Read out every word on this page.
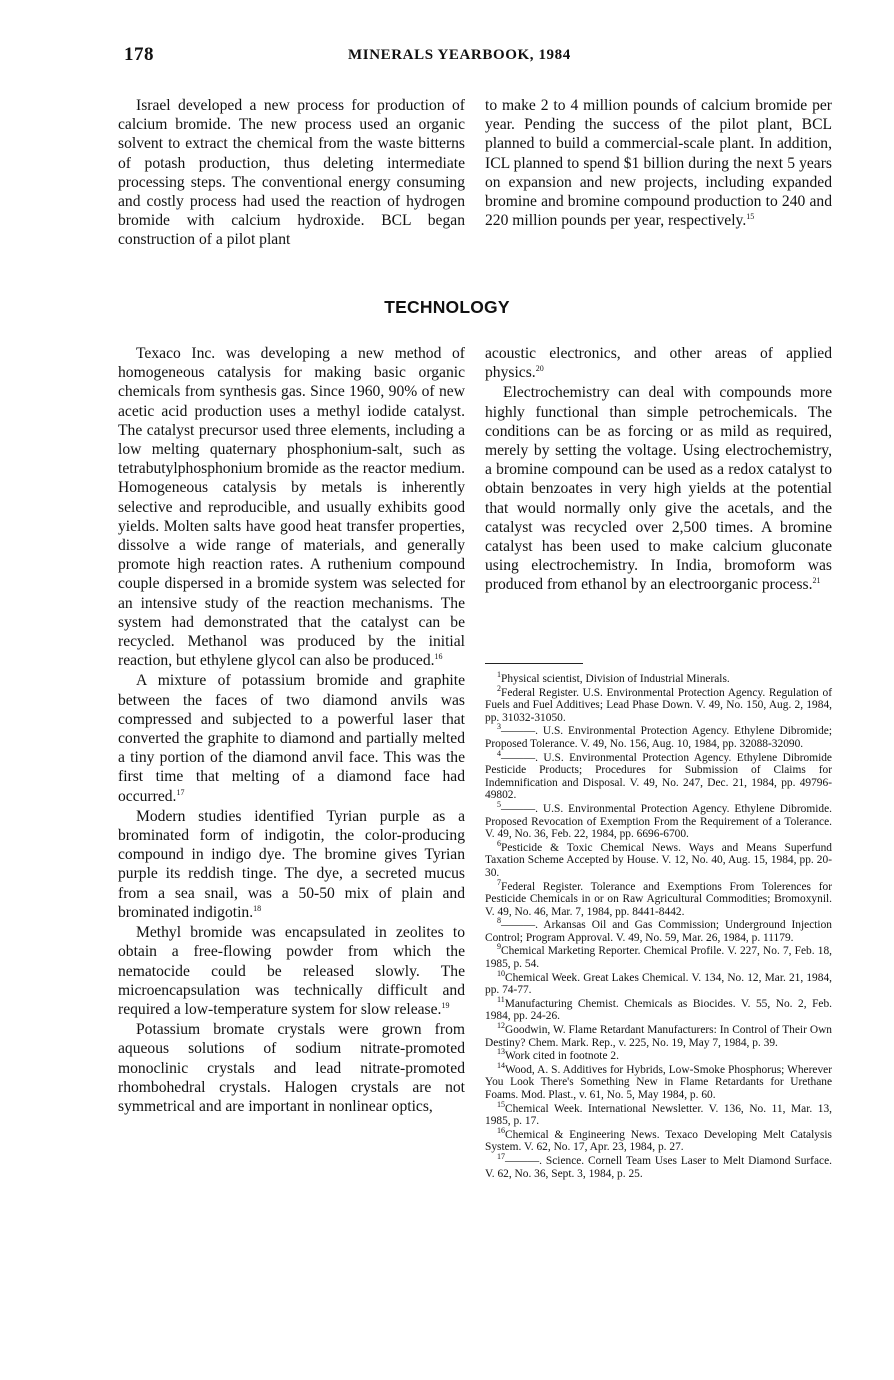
178	MINERALS YEARBOOK, 1984

Israel developed a new process for production of calcium bromide. The new process used an organic solvent to extract the chemical from the waste bitterns of potash production, thus deleting intermediate processing steps. The conventional energy consuming and costly process had used the reaction of hydrogen bromide with calcium hydroxide. BCL began construction of a pilot plant

to make 2 to 4 million pounds of calcium bromide per year. Pending the success of the pilot plant, BCL planned to build a commercial-scale plant. In addition, ICL planned to spend $1 billion during the next 5 years on expansion and new projects, including expanded bromine and bromine compound production to 240 and 220 million pounds per year, respectively.$^{15}$

TECHNOLOGY

Texaco Inc. was developing a new method of homogeneous catalysis for making basic organic chemicals from synthesis gas. Since 1960, 90% of new acetic acid production uses a methyl iodide catalyst. The catalyst precursor used three elements, including a low melting quaternary phosphonium-salt, such as tetrabutylphosphonium bromide as the reactor medium. Homogeneous catalysis by metals is inherently selective and reproducible, and usually exhibits good yields. Molten salts have good heat transfer properties, dissolve a wide range of materials, and generally promote high reaction rates. A ruthenium compound couple dispersed in a bromide system was selected for an intensive study of the reaction mechanisms. The system had demonstrated that the catalyst can be recycled. Methanol was produced by the initial reaction, but ethylene glycol can also be produced.$^{16}$

A mixture of potassium bromide and graphite between the faces of two diamond anvils was compressed and subjected to a powerful laser that converted the graphite to diamond and partially melted a tiny portion of the diamond anvil face. This was the first time that melting of a diamond face had occurred.$^{17}$

Modern studies identified Tyrian purple as a brominated form of indigotin, the color-producing compound in indigo dye. The bromine gives Tyrian purple its reddish tinge. The dye, a secreted mucus from a sea snail, was a 50-50 mix of plain and brominated indigotin.$^{18}$

Methyl bromide was encapsulated in zeolites to obtain a free-flowing powder from which the nematocide could be released slowly. The microencapsulation was technically difficult and required a low-temperature system for slow release.$^{19}$

Potassium bromate crystals were grown from aqueous solutions of sodium nitrate-promoted monoclinic crystals and lead nitrate-promoted rhombohedral crystals. Halogen crystals are not symmetrical and are important in nonlinear optics,

acoustic electronics, and other areas of applied physics.$^{20}$

Electrochemistry can deal with compounds more highly functional than simple petrochemicals. The conditions can be as forcing or as mild as required, merely by setting the voltage. Using electrochemistry, a bromine compound can be used as a redox catalyst to obtain benzoates in very high yields at the potential that would normally only give the acetals, and the catalyst was recycled over 2,500 times. A bromine catalyst has been used to make calcium gluconate using electrochemistry. In India, bromoform was produced from ethanol by an electroorganic process.$^{21}$

$^1$Physical scientist, Division of Industrial Minerals.

$^2$Federal Register. U.S. Environmental Protection Agency. Regulation of Fuels and Fuel Additives; Lead Phase Down. V. 49, No. 150, Aug. 2, 1984, pp. 31032-31050.

$^3$———. U.S. Environmental Protection Agency. Ethylene Dibromide; Proposed Tolerance. V. 49, No. 156, Aug. 10, 1984, pp. 32088-32090.

$^4$———. U.S. Environmental Protection Agency. Ethylene Dibromide Pesticide Products; Procedures for Submission of Claims for Indemnification and Disposal. V. 49, No. 247, Dec. 21, 1984, pp. 49796-49802.

$^5$———. U.S. Environmental Protection Agency. Ethylene Dibromide. Proposed Revocation of Exemption From the Requirement of a Tolerance. V. 49, No. 36, Feb. 22, 1984, pp. 6696-6700.

$^6$Pesticide & Toxic Chemical News. Ways and Means Superfund Taxation Scheme Accepted by House. V. 12, No. 40, Aug. 15, 1984, pp. 20-30.

$^7$Federal Register. Tolerance and Exemptions From Tolerences for Pesticide Chemicals in or on Raw Agricultural Commodities; Bromoxynil. V. 49, No. 46, Mar. 7, 1984, pp. 8441-8442.

$^8$———. Arkansas Oil and Gas Commission; Underground Injection Control; Program Approval. V. 49, No. 59, Mar. 26, 1984, p. 11179.

$^9$Chemical Marketing Reporter. Chemical Profile. V. 227, No. 7, Feb. 18, 1985, p. 54.

$^{10}$Chemical Week. Great Lakes Chemical. V. 134, No. 12, Mar. 21, 1984, pp. 74-77.

$^{11}$Manufacturing Chemist. Chemicals as Biocides. V. 55, No. 2, Feb. 1984, pp. 24-26.

$^{12}$Goodwin, W. Flame Retardant Manufacturers: In Control of Their Own Destiny? Chem. Mark. Rep., v. 225, No. 19, May 7, 1984, p. 39.

$^{13}$Work cited in footnote 2.

$^{14}$Wood, A. S. Additives for Hybrids, Low-Smoke Phosphorus; Wherever You Look There's Something New in Flame Retardants for Urethane Foams. Mod. Plast., v. 61, No. 5, May 1984, p. 60.

$^{15}$Chemical Week. International Newsletter. V. 136, No. 11, Mar. 13, 1985, p. 17.

$^{16}$Chemical & Engineering News. Texaco Developing Melt Catalysis System. V. 62, No. 17, Apr. 23, 1984, p. 27.

$^{17}$———. Science. Cornell Team Uses Laser to Melt Diamond Surface. V. 62, No. 36, Sept. 3, 1984, p. 25.
